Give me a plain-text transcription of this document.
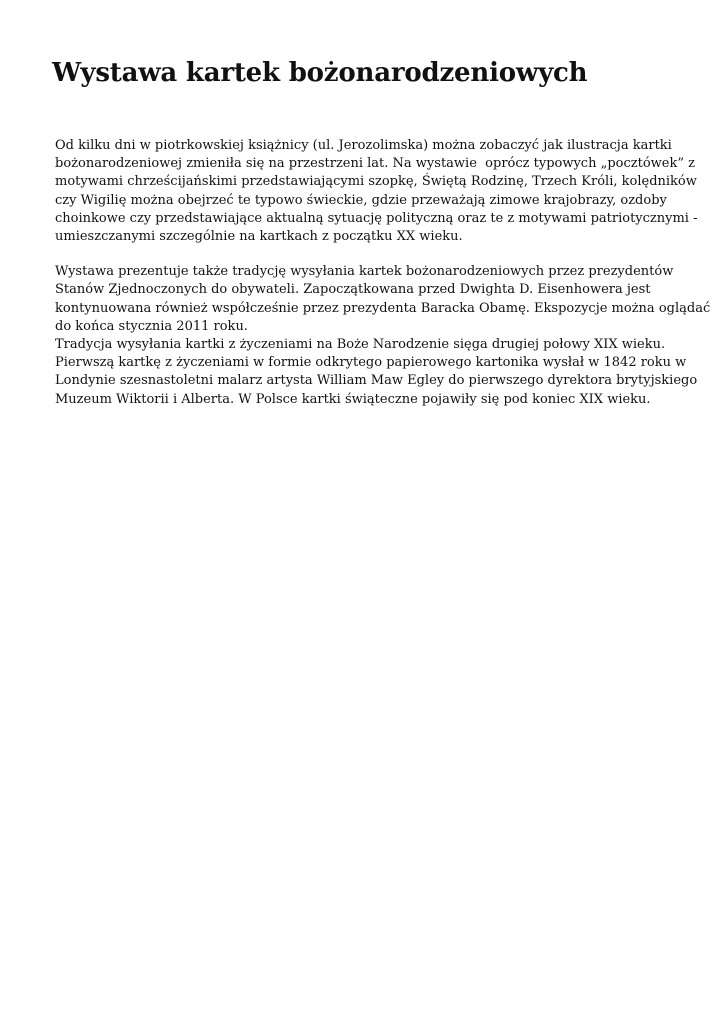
Wystawa kartek bożonarodzeniowych

Od kilku dni w piotrkowskiej książnicy (ul. Jerozolimska) można zobaczyć jak ilustracja kartki
bożonarodzeniowej zmieniła się na przestrzeni lat. Na wystawie  oprócz typowych „pocztówek” z
motywami chrześcijańskimi przedstawiającymi szopkę, Świętą Rodzinę, Trzech Króli, kolędników
czy Wigilię można obejrzeć te typowo świeckie, gdzie przeważają zimowe krajobrazy, ozdoby
choinkowe czy przedstawiające aktualną sytuację polityczną oraz te z motywami patriotycznymi -
umieszczanymi szczególnie na kartkach z początku XX wieku.

Wystawa prezentuje także tradycję wysyłania kartek bożonarodzeniowych przez prezydentów
Stanów Zjednoczonych do obywateli. Zapoczątkowana przed Dwighta D. Eisenhowera jest
kontynuowana również współcześnie przez prezydenta Baracka Obamę. Ekspozycje można oglądać
do końca stycznia 2011 roku.
Tradycja wysyłania kartki z życzeniami na Boże Narodzenie sięga drugiej połowy XIX wieku.
Pierwszą kartkę z życzeniami w formie odkrytego papierowego kartonika wysłał w 1842 roku w
Londynie szesnastoletni malarz artysta William Maw Egley do pierwszego dyrektora brytyjskiego
Muzeum Wiktorii i Alberta. W Polsce kartki świąteczne pojawiły się pod koniec XIX wieku.
